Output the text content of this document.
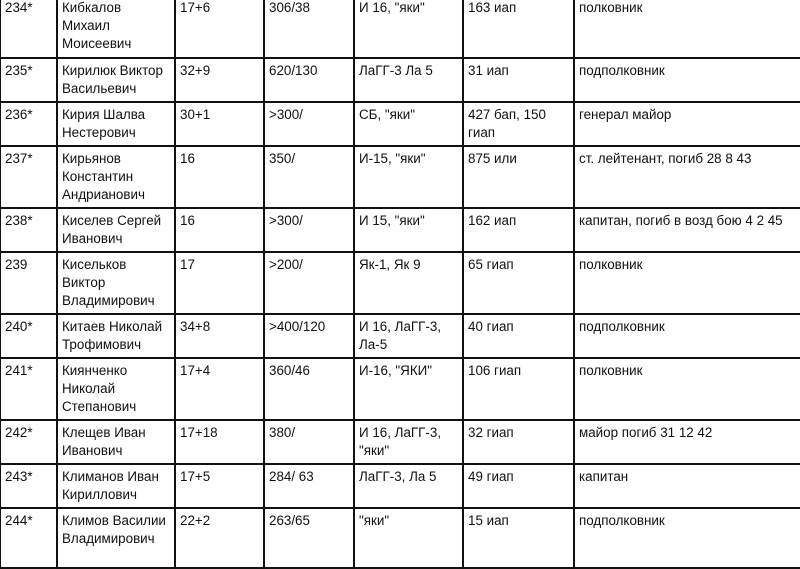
234*	Кибкалов Михаил Моисеевич	17+6	306/38	И 16, "яки"	163 иап	полковник
235*	Кирилюк Виктор Васильевич	32+9	620/130	ЛаГГ-3 Ла 5	31 иап	подполковник
236*	Кирия Шалва Нестерович	30+1	>300/	СБ, "яки"	427 бап, 150 гиап	генерал майор
237*	Кирьянов Константин Андрианович	16	350/	И-15, "яки"	875 или	ст. лейтенант, погиб 28 8 43
238*	Киселев Сергей Иванович	16	>300/	И 15, "яки"	162 иап	капитан, погиб в возд бою 4 2 45
239	Кисельков Виктор Владимирович	17	>200/	Як-1, Як 9	65 гиап	полковник
240*	Китаев Николай Трофимович	34+8	>400/120	И 16, ЛаГГ-3, Ла-5	40 гиап	подполковник
241*	Киянченко Николай Степанович	17+4	360/46	И-16, "ЯКИ"	106 гиап	полковник
242*	Клещев Иван Иванович	17+18	380/	И 16, ЛаГГ-3, "яки"	32 гиап	майор погиб 31 12 42
243*	Климанов Иван Кириллович	17+5	284/ 63	ЛаГГ-3, Ла 5	49 гиап	капитан
244*	Климов Василии Владимирович	22+2	263/65	"яки"	15 иап	подполковник
